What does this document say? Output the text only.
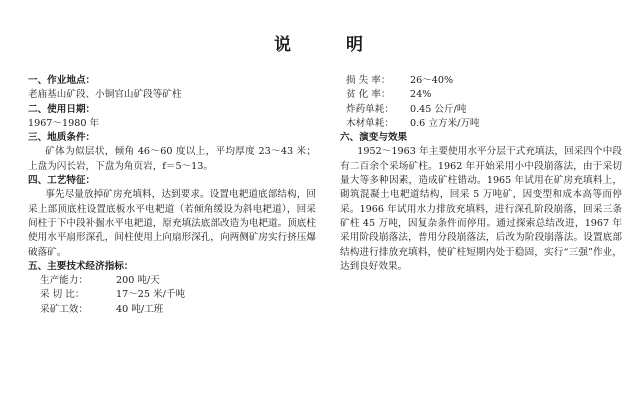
说	明
一、作业地点：
老庙基山矿段、小铜官山矿段等矿柱
二、使用日期：
1967～1980 年
三、地质条件：
矿体为似层状，倾角 46～60 度以上，平均厚度 23～43 米；上盘为闪长岩，下盘为角页岩，f＝5～13。
四、工艺特征：
事先尽量放掉矿房充填料，达到要求。设置电耙道底部结构，回采上部顶底柱设置底板水平电耙道（若倾角缓设为斜电耙道），回采间柱于下中段补掘水平电耙道，原充填法底部改造为电耙道。顶底柱使用水平扇形深孔，间柱使用上向扇形深孔，向两侧矿房实行挤压爆破落矿。
五、主要技术经济指标：
生产能力：	200 吨/天
采 切 比：	17～25 米/千吨
采矿工效：	40 吨/工班
损 失 率：	26～40%
贫 化 率：	24%
炸药单耗：	0.45 公斤/吨
木材单耗：	0.6 立方米/万吨
六、演变与效果
1952～1963 年主要使用水平分层干式充填法，回采四个中段有二百余个采场矿柱。1962 年开始采用小中段崩落法，由于采切量大等多种因素，造成矿柱错动。1965 年试用在矿房充填料上，砌筑混凝土电耙道结构，回采 5 万吨矿，因变型和成本高等而停采。1966 年试用水力排放充填料，进行深孔阶段崩落，回采三条矿柱 45 万吨，因复杂条件而停用。通过探索总结改进，1967 年采用阶段崩落法，普用分段崩落法，后改为阶段崩落法。设置底部结构进行排放充填料，使矿柱短期内处于稳固，实行“三强”作业，达到良好效果。
